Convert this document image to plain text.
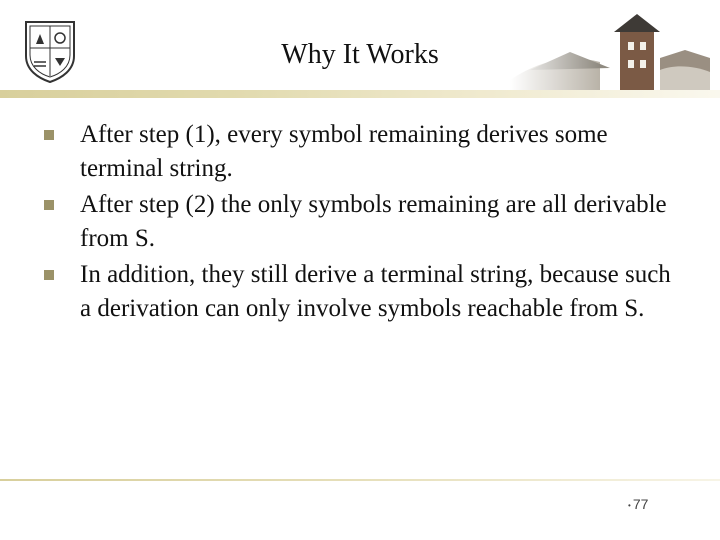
Why It Works
After step (1), every symbol remaining derives some terminal string.
After step (2) the only symbols remaining are all derivable from S.
In addition, they still derive a terminal string, because such a derivation can only involve symbols reachable from S.
• 77
